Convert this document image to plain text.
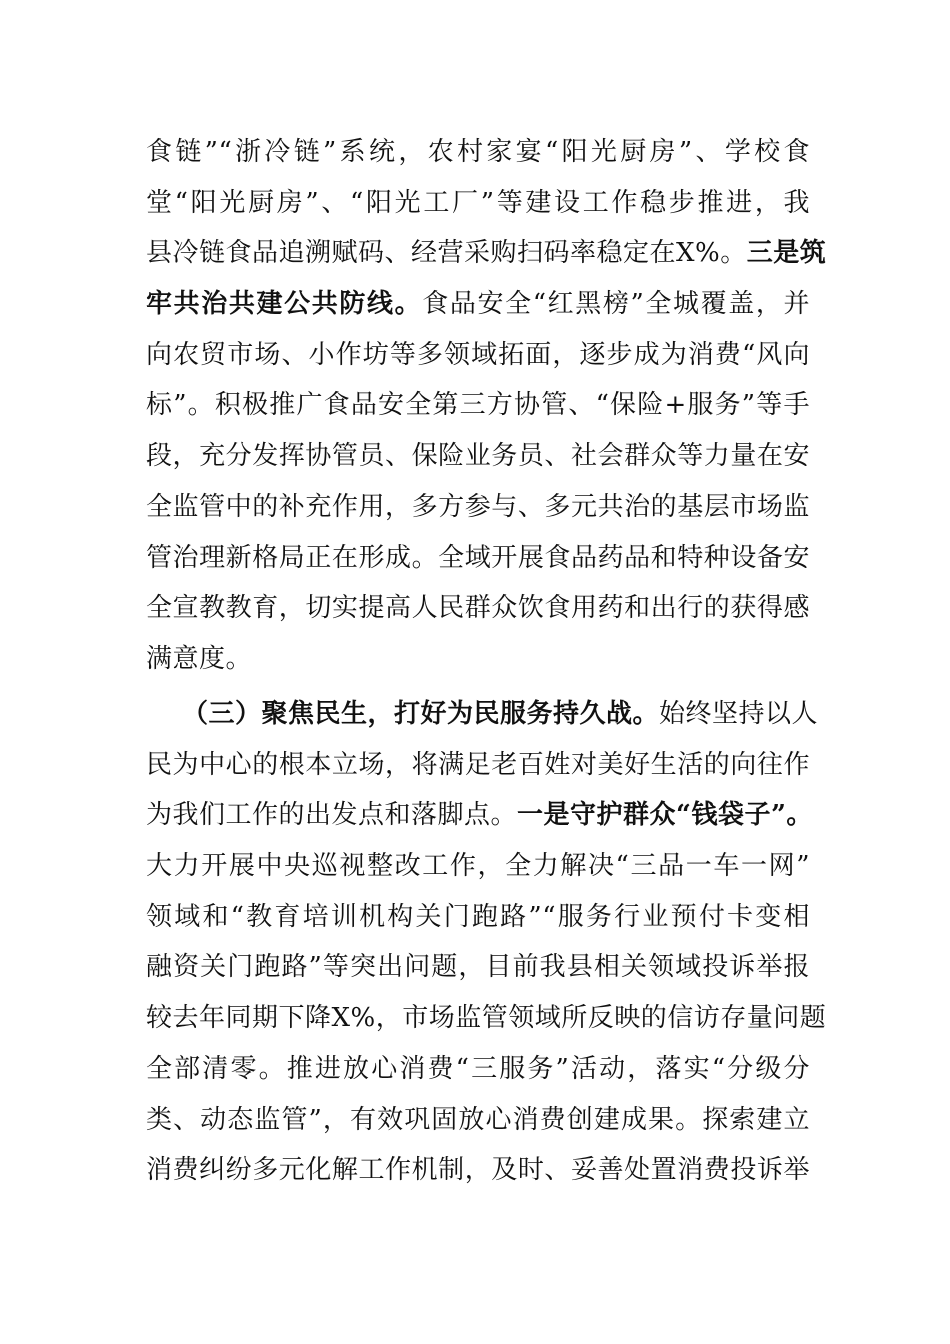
食链”“浙冷链”系统，农村家宴“阳光厨房”、学校食
堂“阳光厨房”、“阳光工厂”等建设工作稳步推进，我
县冷链食品追溯赋码、经营采购扫码率稳定在X%。三是筑
牢共治共建公共防线。食品安全“红黑榜”全城覆盖，并
向农贸市场、小作坊等多领域拓面，逐步成为消费“风向
标”。积极推广食品安全第三方协管、“保险+服务”等手
段，充分发挥协管员、保险业务员、社会群众等力量在安
全监管中的补充作用，多方参与、多元共治的基层市场监
管治理新格局正在形成。全域开展食品药品和特种设备安
全宣教教育，切实提高人民群众饮食用药和出行的获得感
满意度。
（三）聚焦民生，打好为民服务持久战。始终坚持以人
民为中心的根本立场，将满足老百姓对美好生活的向往作
为我们工作的出发点和落脚点。一是守护群众“钱袋子”。
大力开展中央巡视整改工作，全力解决“三品一车一网”
领域和“教育培训机构关门跑路”“服务行业预付卡变相
融资关门跑路”等突出问题，目前我县相关领域投诉举报
较去年同期下降X%，市场监管领域所反映的信访存量问题
全部清零。推进放心消费“三服务”活动，落实“分级分
类、动态监管”，有效巩固放心消费创建成果。探索建立
消费纠纷多元化解工作机制，及时、妥善处置消费投诉举
